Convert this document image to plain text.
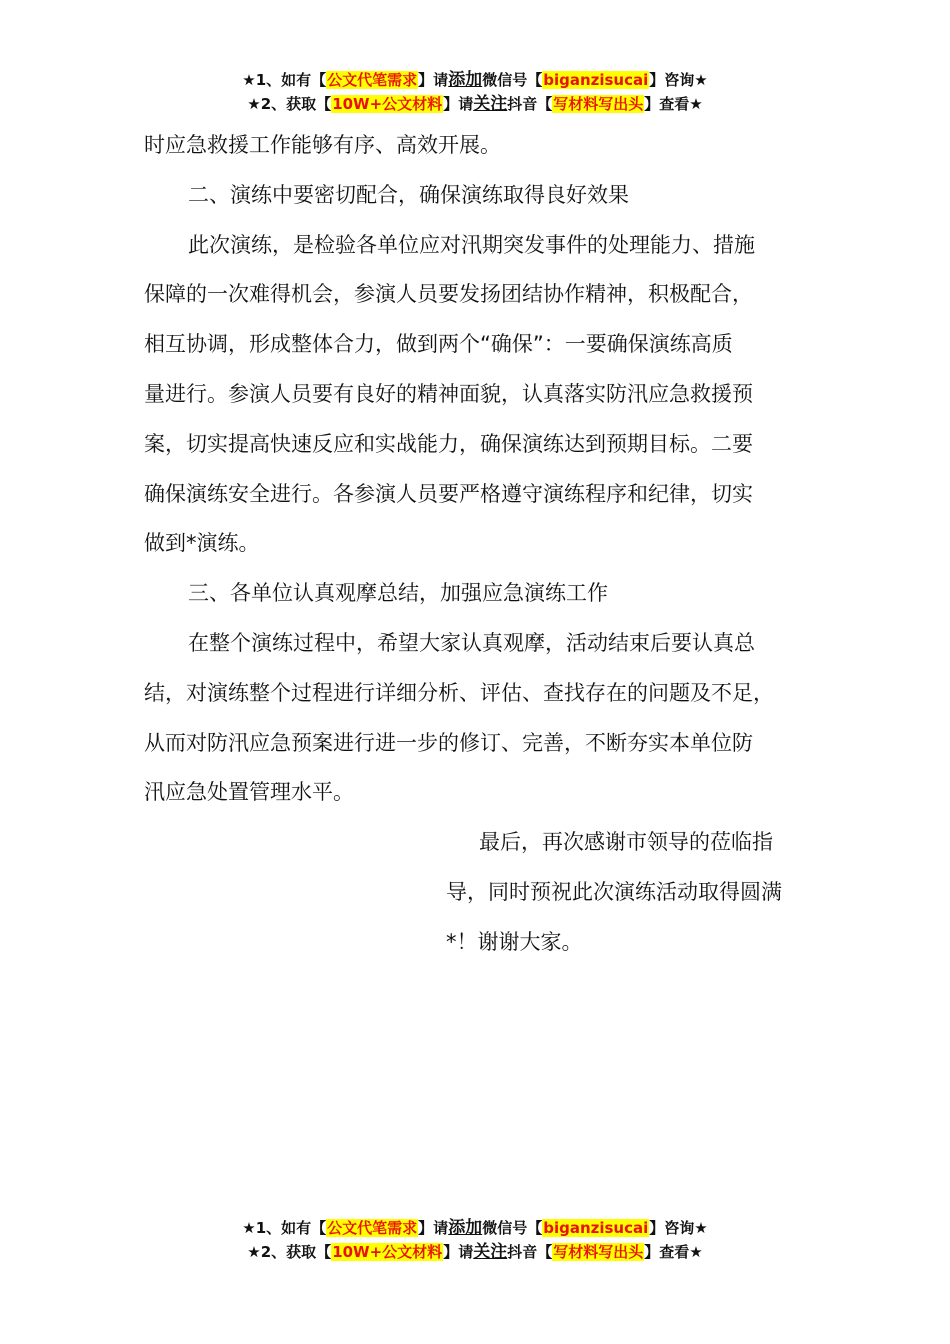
★1、如有【公文代笔需求】请添加微信号【biganzisucai】咨询★
★2、获取【10W+公文材料】请关注抖音【写材料写出头】查看★

时应急救援工作能够有序、高效开展。

二、演练中要密切配合，确保演练取得良好效果

此次演练，是检验各单位应对汛期突发事件的处理能力、措施

保障的一次难得机会，参演人员要发扬团结协作精神，积极配合，

相互协调，形成整体合力，做到两个“确保”：一要确保演练高质

量进行。参演人员要有良好的精神面貌，认真落实防汛应急救援预

案，切实提高快速反应和实战能力，确保演练达到预期目标。二要

确保演练安全进行。各参演人员要严格遵守演练程序和纪律，切实

做到*演练。

三、各单位认真观摩总结，加强应急演练工作

在整个演练过程中，希望大家认真观摩，活动结束后要认真总

结，对演练整个过程进行详细分析、评估、查找存在的问题及不足，

从而对防汛应急预案进行进一步的修订、完善，不断夯实本单位防

汛应急处置管理水平。

最后，再次感谢市领导的莅临指
导，同时预祝此次演练活动取得圆满
*！谢谢大家。
★1、如有【公文代笔需求】请添加微信号【biganzisucai】咨询★
★2、获取【10W+公文材料】请关注抖音【写材料写出头】查看★
